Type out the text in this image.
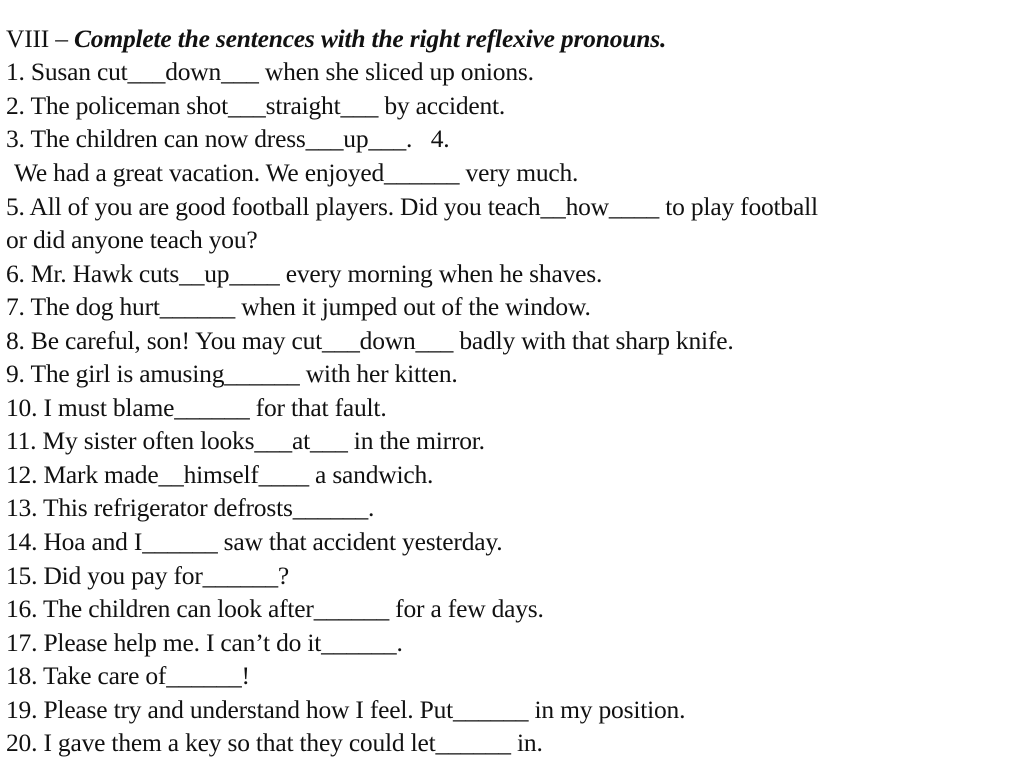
VIII – Complete the sentences with the right reflexive pronouns.
1. Susan cut___down___ when she sliced up onions.
2. The policeman shot___straight___ by accident.
3. The children can now dress___up___.   4.
We had a great vacation. We enjoyed______ very much.
5. All of you are good football players. Did you teach__how____ to play football
or did anyone teach you?
6. Mr. Hawk cuts__up____ every morning when he shaves.
7. The dog hurt______ when it jumped out of the window.
8. Be careful, son! You may cut___down___ badly with that sharp knife.
9. The girl is amusing______ with her kitten.
10. I must blame______ for that fault.
11. My sister often looks___at___ in the mirror.
12. Mark made__himself____ a sandwich.
13. This refrigerator defrosts______.
14. Hoa and I______ saw that accident yesterday.
15. Did you pay for______?
16. The children can look after______ for a few days.
17. Please help me. I can’t do it______.
18. Take care of______!
19. Please try and understand how I feel. Put______ in my position.
20. I gave them a key so that they could let______ in.
